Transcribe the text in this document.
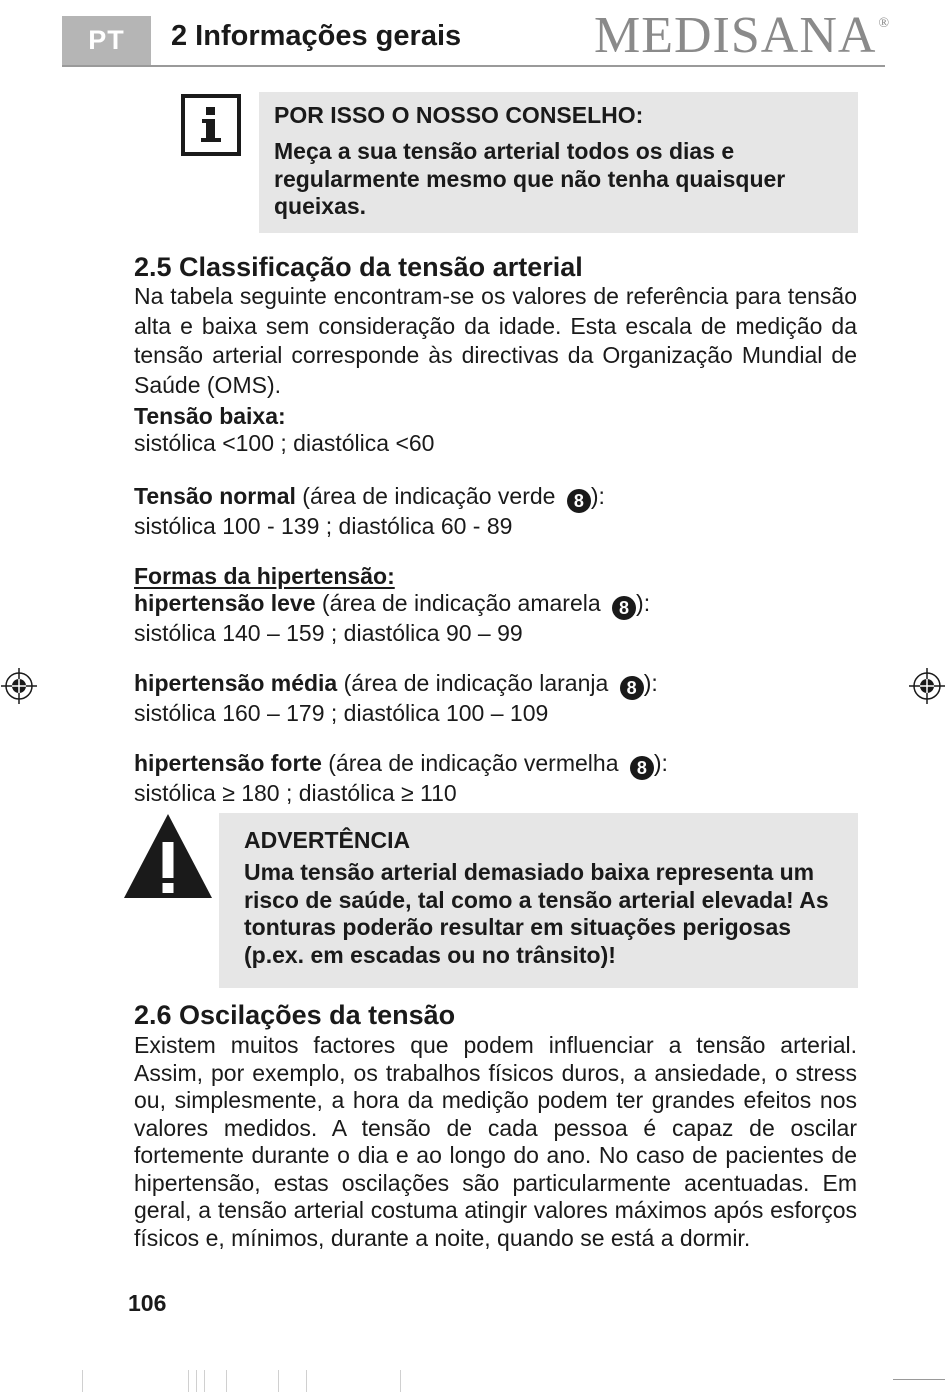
PT	2 Informações gerais	MEDISANA ®

POR ISSO O NOSSO CONSELHO:

Meça a sua tensão arterial todos os dias e regularmente mesmo que não tenha quaisquer queixas.

2.5 Classificação da tensão arterial

Na tabela seguinte encontram-se os valores de referência para tensão alta e baixa sem consideração da idade. Esta escala de medição da tensão arterial corresponde às directivas da Organização Mundial de Saúde (OMS).

Tensão baixa:

sistólica <100 ; diastólica <60

Tensão normal (área de indicação verde 8 ):

sistólica 100 - 139 ; diastólica 60 - 89

Formas da hipertensão:

hipertensão leve (área de indicação amarela 8 ):

sistólica 140 – 159 ; diastólica 90 – 99

hipertensão média (área de indicação laranja 8 ):

sistólica 160 – 179 ; diastólica 100 – 109

hipertensão forte (área de indicação vermelha 8 ):

sistólica ≥ 180 ; diastólica ≥ 110

ADVERTÊNCIA

Uma tensão arterial demasiado baixa representa um risco de saúde, tal como a tensão arterial elevada! As tonturas poderão resultar em situações perigosas (p.ex. em escadas ou no trânsito)!

2.6 Oscilações da tensão

Existem muitos factores que podem influenciar a tensão arterial. Assim, por exemplo, os trabalhos físicos duros, a ansiedade, o stress ou, simplesmente, a hora da medição podem ter grandes efeitos nos valores medidos. A tensão de cada pessoa é capaz de oscilar fortemente durante o dia e ao longo do ano. No caso de pacientes de hipertensão, estas oscilações são particularmente acentuadas. Em geral, a tensão arterial costuma atingir valores máximos após esforços físicos e, mínimos, durante a noite, quando se está a dormir.

106
